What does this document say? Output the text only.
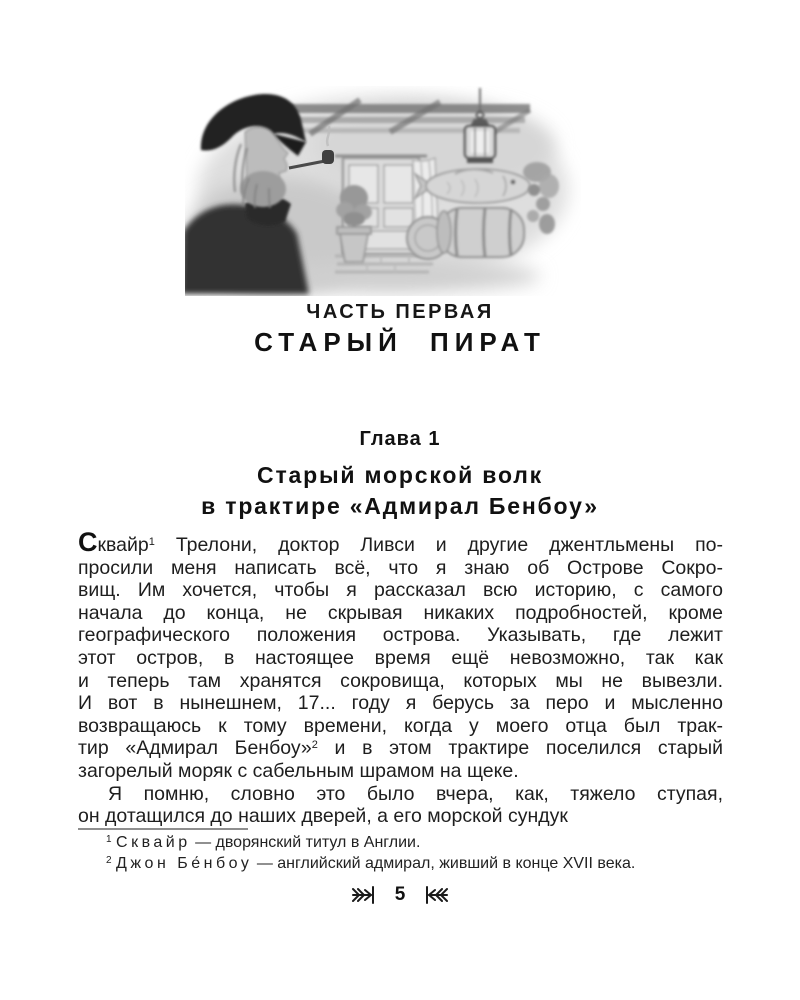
ЧАСТЬ ПЕРВАЯ
СТАРЫЙ ПИРАТ
Глава 1
Старый морской волк
в трактире «Адмирал Бенбоу»
Сквайр$^1$ Трелони, доктор Ливси и другие джентльмены по-
просили меня написать всё, что я знаю об Острове Сокро-
вищ. Им хочется, чтобы я рассказал всю историю, с самого
начала до конца, не скрывая никаких подробностей, кроме
географического положения острова. Указывать, где лежит
этот остров, в настоящее время ещё невозможно, так как
и теперь там хранятся сокровища, которых мы не вывезли.
И вот в нынешнем, 17... году я берусь за перо и мысленно
возвращаюсь к тому времени, когда у моего отца был трак-
тир «Адмирал Бенбоу»$^2$ и в этом трактире поселился старый
загорелый моряк с сабельным шрамом на щеке.
Я помню, словно это было вчера, как, тяжело ступая,
он дотащился до наших дверей, а его морской сундук
$^1$ Сквайр — дворянский титул в Англии.
$^2$ Джон Бе́нбоу — английский адмирал, живший в конце XVII века.
5
